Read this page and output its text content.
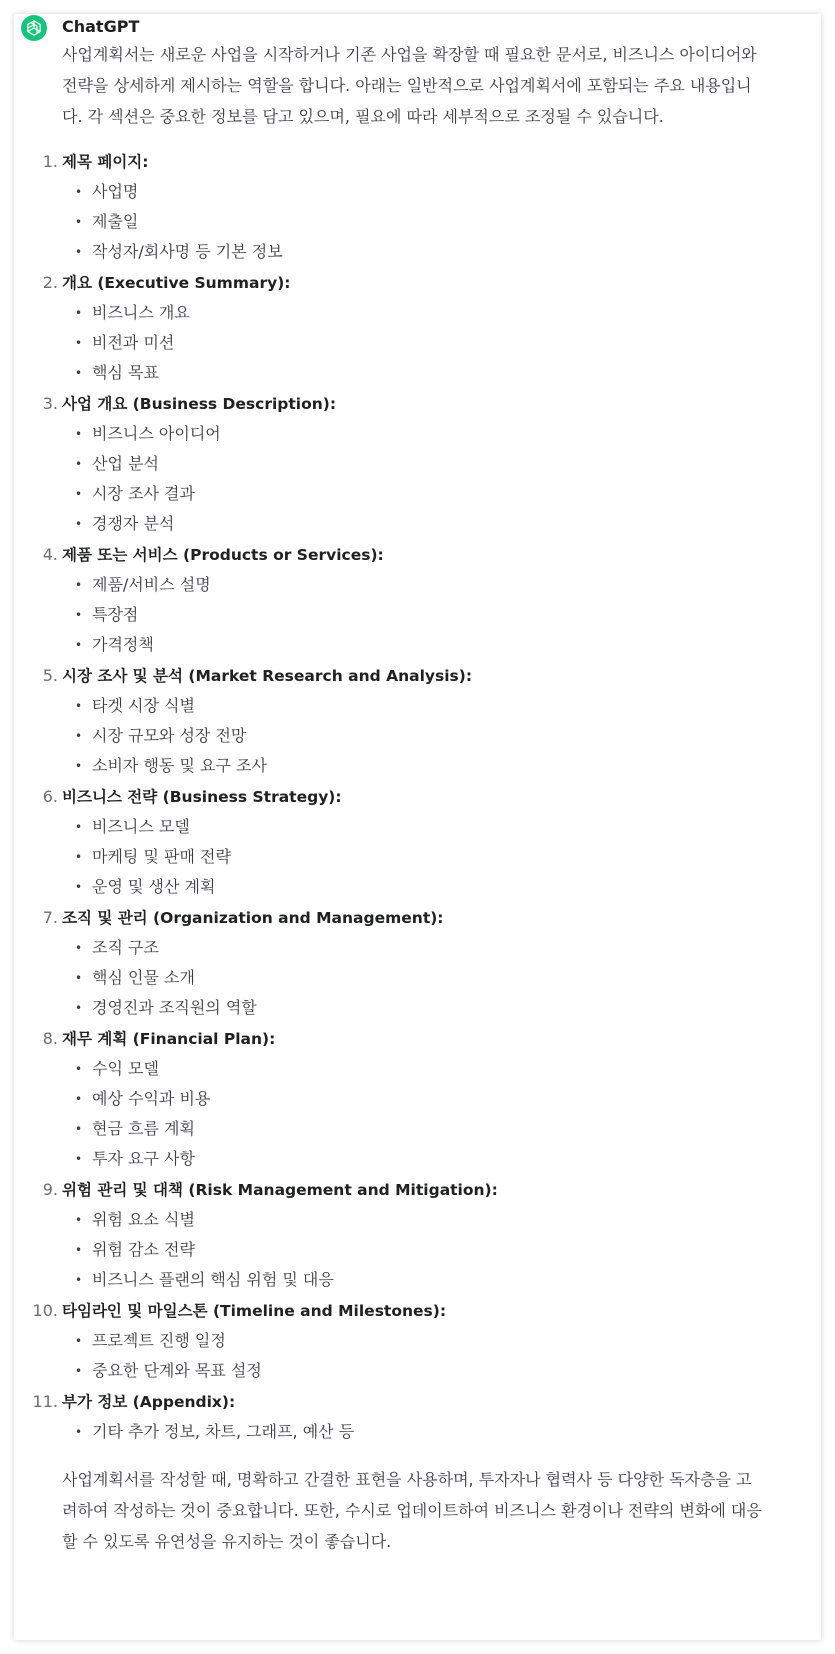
ChatGPT

사업계획서는 새로운 사업을 시작하거나 기존 사업을 확장할 때 필요한 문서로, 비즈니스 아이디어와 전략을 상세하게 제시하는 역할을 합니다. 아래는 일반적으로 사업계획서에 포함되는 주요 내용입니다. 각 섹션은 중요한 정보를 담고 있으며, 필요에 따라 세부적으로 조정될 수 있습니다.

1. 제목 페이지:
• 사업명
• 제출일
• 작성자/회사명 등 기본 정보
2. 개요 (Executive Summary):
• 비즈니스 개요
• 비전과 미션
• 핵심 목표
3. 사업 개요 (Business Description):
• 비즈니스 아이디어
• 산업 분석
• 시장 조사 결과
• 경쟁자 분석
4. 제품 또는 서비스 (Products or Services):
• 제품/서비스 설명
• 특장점
• 가격정책
5. 시장 조사 및 분석 (Market Research and Analysis):
• 타겟 시장 식별
• 시장 규모와 성장 전망
• 소비자 행동 및 요구 조사
6. 비즈니스 전략 (Business Strategy):
• 비즈니스 모델
• 마케팅 및 판매 전략
• 운영 및 생산 계획
7. 조직 및 관리 (Organization and Management):
• 조직 구조
• 핵심 인물 소개
• 경영진과 조직원의 역할
8. 재무 계획 (Financial Plan):
• 수익 모델
• 예상 수익과 비용
• 현금 흐름 계획
• 투자 요구 사항
9. 위험 관리 및 대책 (Risk Management and Mitigation):
• 위험 요소 식별
• 위험 감소 전략
• 비즈니스 플랜의 핵심 위험 및 대응
10. 타임라인 및 마일스톤 (Timeline and Milestones):
• 프로젝트 진행 일정
• 중요한 단계와 목표 설정
11. 부가 정보 (Appendix):
• 기타 추가 정보, 차트, 그래프, 예산 등

사업계획서를 작성할 때, 명확하고 간결한 표현을 사용하며, 투자자나 협력사 등 다양한 독자층을 고려하여 작성하는 것이 중요합니다. 또한, 수시로 업데이트하여 비즈니스 환경이나 전략의 변화에 대응할 수 있도록 유연성을 유지하는 것이 좋습니다.
